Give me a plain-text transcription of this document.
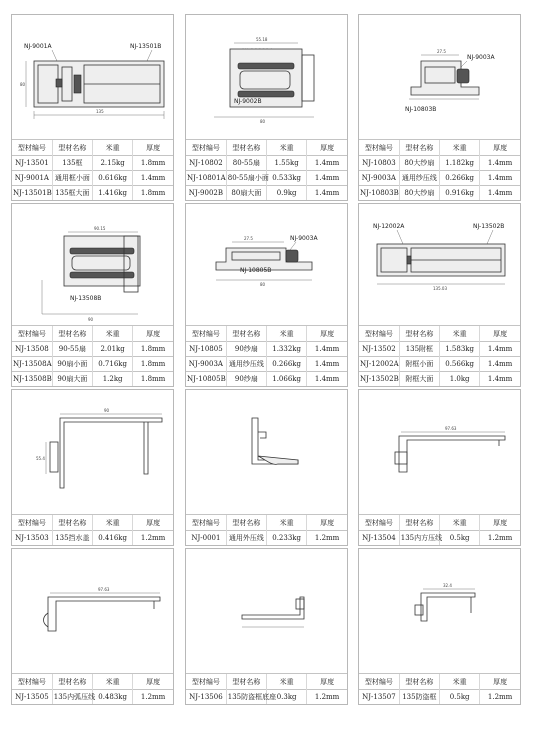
NJ-9001A	NJ-13501B
135
80
型材编号	型材名称	米重	厚度
NJ-13501	135框	2.15kg	1.8mm
NJ-9001A	通用框小面	0.616kg	1.4mm
NJ-13501B	135框大面	1.416kg	1.8mm
55.18
80
NJ-9002B
型材编号	型材名称	米重	厚度
NJ-10802	80-55扇	1.55kg	1.4mm
NJ-10801A	80-55扇小面	0.533kg	1.4mm
NJ-9002B	80扇大面	0.9kg	1.4mm
27.5
NJ-9003A
NJ-10803B
型材编号	型材名称	米重	厚度
NJ-10803	80大纱扇	1.182kg	1.4mm
NJ-9003A	通用纱压线	0.266kg	1.4mm
NJ-10803B	80大纱扇	0.916kg	1.4mm
90.15
90
NJ-13508B
型材编号	型材名称	米重	厚度
NJ-13508	90-55扇	2.01kg	1.8mm
NJ-13508A	90扇小面	0.716kg	1.8mm
NJ-13508B	90扇大面	1.2kg	1.8mm
27.5	NJ-9003A
NJ-10805B
80
型材编号	型材名称	米重	厚度
NJ-10805	90纱扇	1.332kg	1.4mm
NJ-9003A	通用纱压线	0.266kg	1.4mm
NJ-10805B	90纱扇	1.066kg	1.4mm
NJ-12002A	NJ-13502B
135.03
型材编号	型材名称	米重	厚度
NJ-13502	135附框	1.583kg	1.4mm
NJ-12002A	附框小面	0.566kg	1.4mm
NJ-13502B	附框大面	1.0kg	1.4mm
90
55.4
型材编号	型材名称	米重	厚度
NJ-13503	135挡水盖	0.416kg	1.2mm
型材编号	型材名称	米重	厚度
NJ-0001	通用外压线	0.233kg	1.2mm
97.63
型材编号	型材名称	米重	厚度
NJ-13504	135内方压线	0.5kg	1.2mm
97.63
型材编号	型材名称	米重	厚度
NJ-13505	135内弧压线	0.483kg	1.2mm
型材编号	型材名称	米重	厚度
NJ-13506	135防盗框底座	0.3kg	1.2mm
32.4
型材编号	型材名称	米重	厚度
NJ-13507	135防盗框	0.5kg	1.2mm
